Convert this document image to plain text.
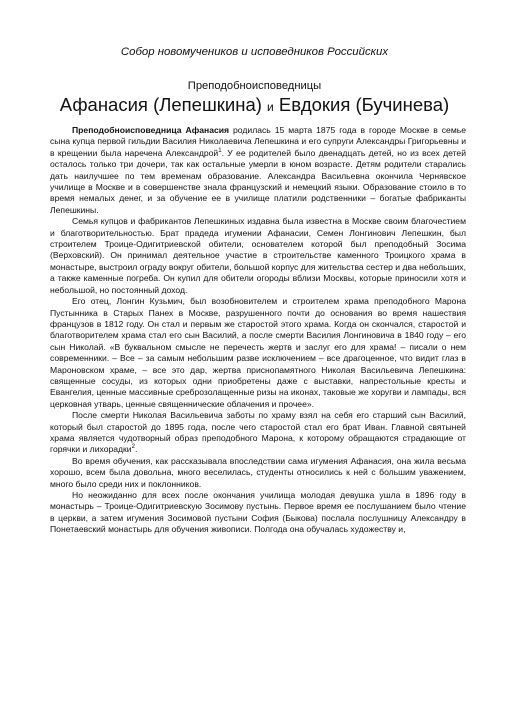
Собор новомучеников и исповедников Российских
Преподобноисповедницы
Афанасия (Лепешкина) и Евдокия (Бучинева)

Преподобноисповедница Афанасия родилась 15 марта 1875 года в городе Москве в семье сына купца первой гильдии Василия Николаевича Лепешкина и его супруги Александры Григорьевны и в крещении была наречена Александрой$^1$. У ее родителей было двенадцать детей, но из всех детей осталось только три дочери, так как остальные умерли в юном возрасте. Детям родители старались дать наилучшее по тем временам образование. Александра Васильевна окончила Чернявское училище в Москве и в совершенстве знала французский и немецкий языки. Образование стоило в то время немалых денег, и за обучение ее в училище платили родственники – богатые фабриканты Лепешкины.

Семья купцов и фабрикантов Лепешкиных издавна была известна в Москве своим благочестием и благотворительностью. Брат прадеда игумении Афанасии, Семен Лонгинович Лепешкин, был строителем Троице-Одигитриевской обители, основателем которой был преподобный Зосима (Верховский). Он принимал деятельное участие в строительстве каменного Троицкого храма в монастыре, выстроил ограду вокруг обители, большой корпус для жительства сестер и два небольших, а также каменные погреба. Он купил для обители огороды вблизи Москвы, которые приносили хотя и небольшой, но постоянный доход.

Его отец, Лонгин Кузьмич, был возобновителем и строителем храма преподобного Марона Пустынника в Старых Панех в Москве, разрушенного почти до основания во время нашествия французов в 1812 году. Он стал и первым же старостой этого храма. Когда он скончался, старостой и благотворителем храма стал его сын Василий, а после смерти Василия Лонгиновича в 1840 году – его сын Николай. «В буквальном смысле не перечесть жертв и заслуг его для храма! – писали о нем современники. – Все – за самым небольшим разве исключением – все драгоценное, что видит глаз в Мароновском храме, – все это дар, жертва приснопамятного Николая Васильевича Лепешкина: священные сосуды, из которых одни приобретены даже с выставки, напрестольные кресты и Евангелия, ценные массивные среброзолащенные ризы на иконах, таковые же хоругви и лампады, вся церковная утварь, ценные священнические облачения и прочее».

После смерти Николая Васильевича заботы по храму взял на себя его старший сын Василий, который был старостой до 1895 года, после чего старостой стал его брат Иван. Главной святыней храма является чудотворный образ преподобного Марона, к которому обращаются страдающие от горячки и лихорадки$^2$.

Во время обучения, как рассказывала впоследствии сама игумения Афанасия, она жила весьма хорошо, всем была довольна, много веселилась, студенты относились к ней с большим уважением, много было среди них и поклонников.

Но неожиданно для всех после окончания училища молодая девушка ушла в 1896 году в монастырь – Троице-Одигитриевскую Зосимову пустынь. Первое время ее послушанием было чтение в церкви, а затем игумения Зосимовой пустыни София (Быкова) послала послушницу Александру в Понетаевский монастырь для обучения живописи. Полгода она обучалась художеству и,
